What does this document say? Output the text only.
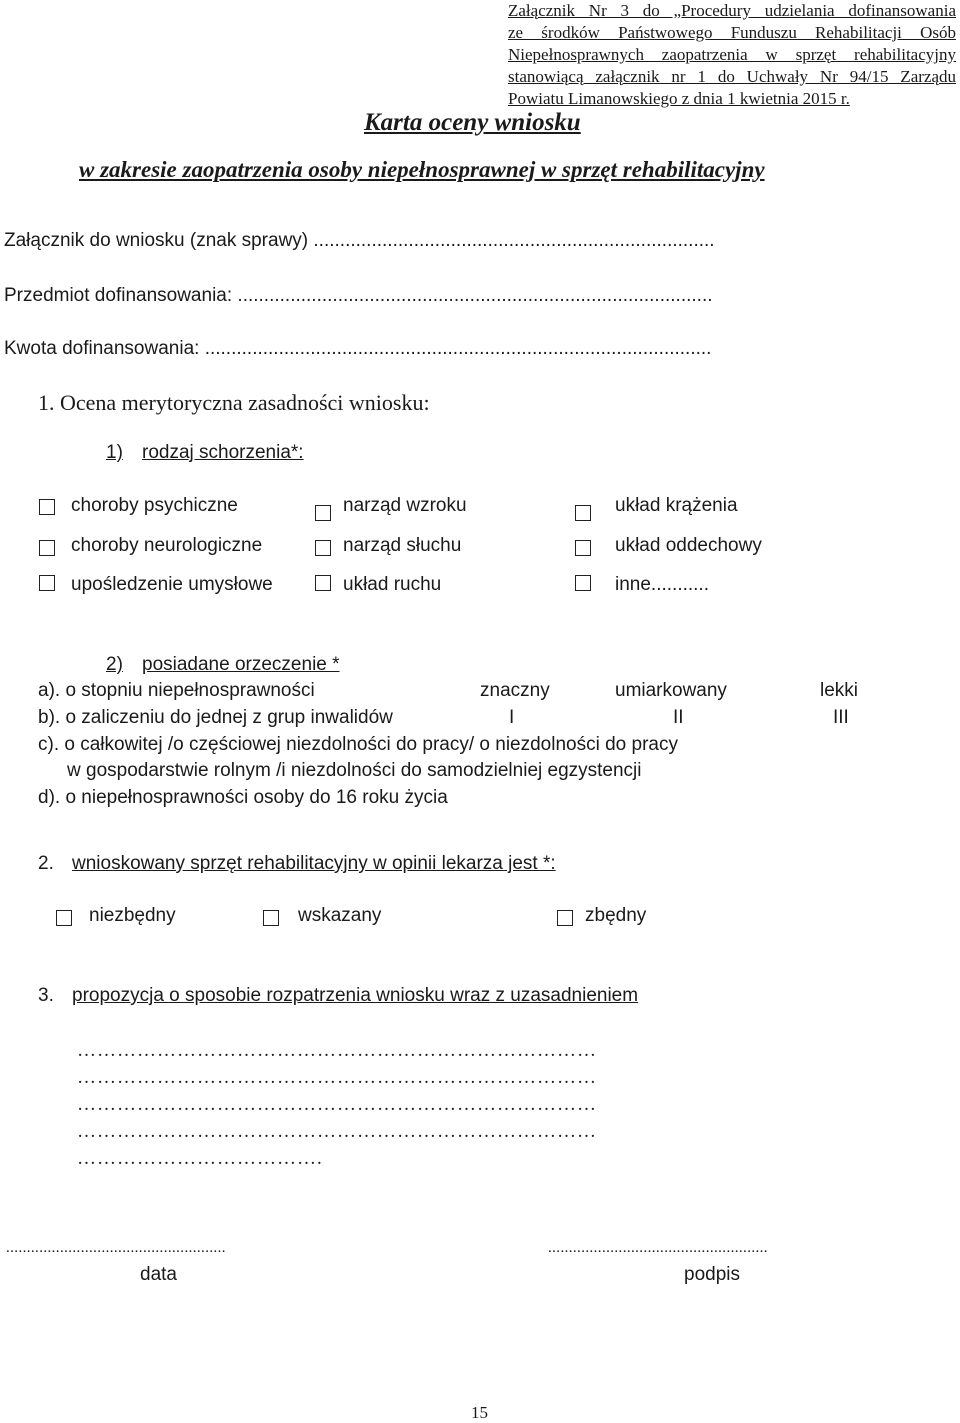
Załącznik Nr 3 do „Procedury udzielania dofinansowania
ze środków Państwowego Funduszu Rehabilitacji Osób
Niepełnosprawnych zaopatrzenia w sprzęt rehabilitacyjny
stanowiącą załącznik nr 1 do Uchwały Nr 94/15 Zarządu
Powiatu Limanowskiego z dnia 1 kwietnia 2015 r.
Karta oceny wniosku
w zakresie zaopatrzenia osoby niepełnosprawnej w sprzęt rehabilitacyjny
Załącznik do wniosku (znak sprawy) ............................................................................
Przedmiot dofinansowania: ..........................................................................................
Kwota dofinansowania: ................................................................................................
1. Ocena merytoryczna zasadności wniosku:
1) rodzaj schorzenia*:
choroby psychiczne	narząd wzroku	układ krążenia
choroby neurologiczne	narząd słuchu	układ oddechowy
upośledzenie umysłowe	układ ruchu	inne...........
2) posiadane orzeczenie *
a). o stopniu niepełnosprawności	znaczny	umiarkowany	lekki
b). o zaliczeniu do jednej z grup inwalidów	I	II	III
c). o całkowitej /o częściowej niezdolności do pracy/ o niezdolności do pracy
w gospodarstwie rolnym /i niezdolności do samodzielniej egzystencji
d). o niepełnosprawności osoby do 16 roku życia
2. wnioskowany sprzęt rehabilitacyjny w opinii lekarza jest *:
niezbędny	wskazany	zbędny
3. propozycja o sposobie rozpatrzenia wniosku wraz z uzasadnieniem
……………………………………………………………………
……………………………………………………………………
……………………………………………………………………
……………………………………………………………………
……………………………….
.....................................................
data
.....................................................
podpis
15
